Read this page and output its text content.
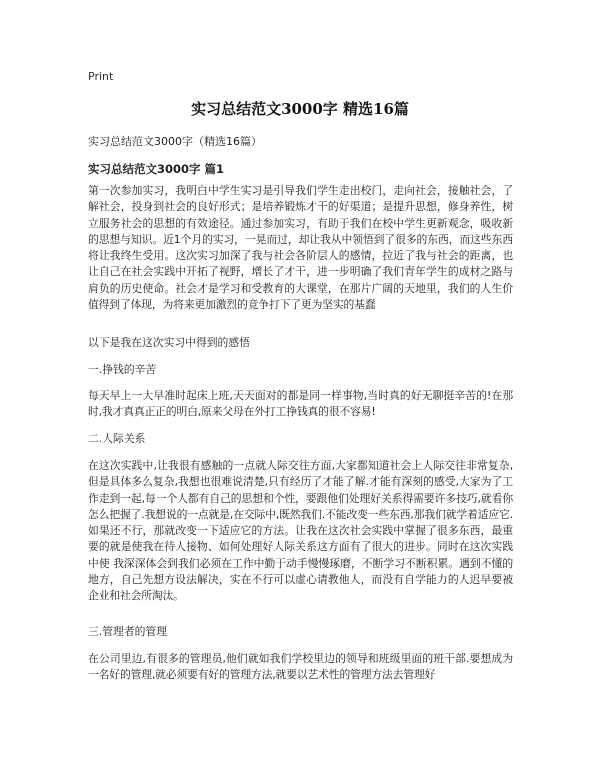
Print
实习总结范文3000字 精选16篇
实习总结范文3000字（精选16篇）
实习总结范文3000字 篇1

第一次参加实习，我明白中学生实习是引导我们学生走出校门，走向社会，接触社会，了解社会，投身到社会的良好形式；是培养锻炼才干的好渠道；是提升思想，修身养性，树立服务社会的思想的有效途径。通过参加实习，有助于我们在校中学生更新观念，吸收新的思想与知识。近1个月的实习，一晃而过，却让我从中领悟到了很多的东西，而这些东西将让我终生受用。这次实习加深了我与社会各阶层人的感情，拉近了我与社会的距离，也让自己在社会实践中开拓了视野，增长了才干，进一步明确了我们青年学生的成材之路与肩负的历史使命。社会才是学习和受教育的大课堂，在那片广阔的天地里，我们的人生价值得到了体现，为将来更加激烈的竞争打下了更为坚实的基蠢

以下是我在这次实习中得到的感悟

一.挣钱的辛苦

每天早上一大早准时起床上班,天天面对的都是同一样事物,当时真的好无聊挺辛苦的!在那时,我才真真正正的明白,原来父母在外打工挣钱真的很不容易!

二.人际关系

在这次实践中,让我很有感触的一点就人际交往方面,大家都知道社会上人际交往非常复杂,但是具体多么复杂,我想也很难说清楚,只有经历了才能了解.才能有深刻的感受,大家为了工作走到一起,每一个人都有自己的思想和个性，要跟他们处理好关系得需要许多技巧,就看你怎么把握了.我想说的一点就是,在交际中,既然我们.不能改变一些东西,那我们就学着适应它.如果还不行，那就改变一下适应它的方法。让我在这次社会实践中掌握了很多东西，最重要的就是使我在待人接物、如何处理好人际关系这方面有了很大的进步。同时在这次实践中使 我深深体会到我们必须在工作中勤于动手慢慢琢磨，不断学习不断积累。遇到不懂的地方，自己先想方设法解决，实在不行可以虚心请教他人，而没有自学能力的人迟早要被企业和社会所淘汰。

三.管理者的管理

在公司里边,有很多的管理员,他们就如我们学校里边的领导和班级里面的班干部.要想成为一名好的管理,就必须要有好的管理方法,就要以艺术性的管理方法去管理好
